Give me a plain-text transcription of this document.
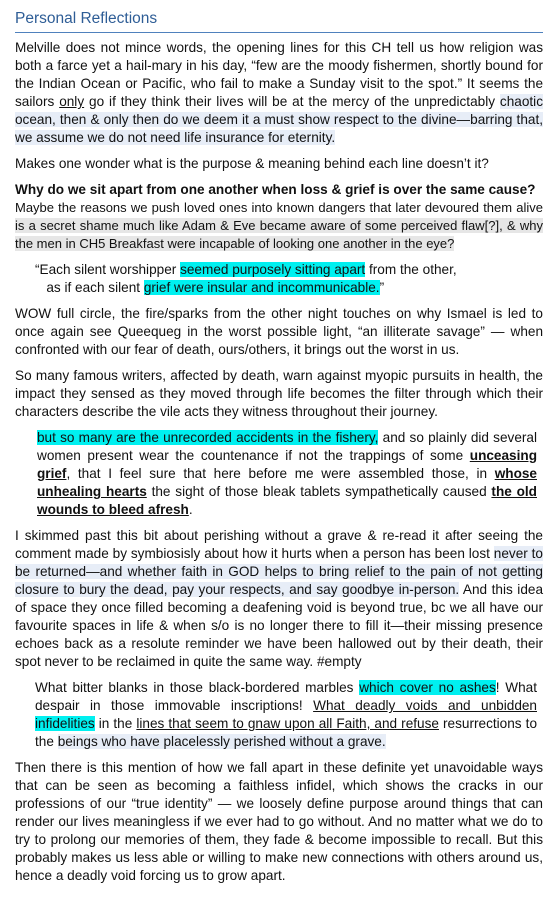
Personal Reflections

Melville does not mince words, the opening lines for this CH tell us how religion was both a farce yet a hail-mary in his day, “few are the moody fishermen, shortly bound for the Indian Ocean or Pacific, who fail to make a Sunday visit to the spot.” It seems the sailors only go if they think their lives will be at the mercy of the unpredictably chaotic ocean, then & only then do we deem it a must show respect to the divine—barring that, we assume we do not need life insurance for eternity.

Makes one wonder what is the purpose & meaning behind each line doesn’t it?

Why do we sit apart from one another when loss & grief is over the same cause?

Maybe the reasons we push loved ones into known dangers that later devoured them alive is a secret shame much like Adam & Eve became aware of some perceived flaw[?], & why the men in CH5 Breakfast were incapable of looking one another in the eye?

“Each silent worshipper seemed purposely sitting apart from the other,
as if each silent grief were insular and incommunicable.”

WOW full circle, the fire/sparks from the other night touches on why Ismael is led to once again see Queequeg in the worst possible light, “an illiterate savage” — when confronted with our fear of death, ours/others, it brings out the worst in us.

So many famous writers, affected by death, warn against myopic pursuits in health, the impact they sensed as they moved through life becomes the filter through which their characters describe the vile acts they witness throughout their journey.

but so many are the unrecorded accidents in the fishery, and so plainly did several women present wear the countenance if not the trappings of some unceasing grief, that I feel sure that here before me were assembled those, in whose unhealing hearts the sight of those bleak tablets sympathetically caused the old wounds to bleed afresh.

I skimmed past this bit about perishing without a grave & re-read it after seeing the comment made by symbiosisly about how it hurts when a person has been lost never to be returned—and whether faith in GOD helps to bring relief to the pain of not getting closure to bury the dead, pay your respects, and say goodbye in-person. And this idea of space they once filled becoming a deafening void is beyond true, bc we all have our favourite spaces in life & when s/o is no longer there to fill it—their missing presence echoes back as a resolute reminder we have been hallowed out by their death, their spot never to be reclaimed in quite the same way. #empty

What bitter blanks in those black-bordered marbles which cover no ashes! What despair in those immovable inscriptions! What deadly voids and unbidden infidelities in the lines that seem to gnaw upon all Faith, and refuse resurrections to the beings who have placelessly perished without a grave.

Then there is this mention of how we fall apart in these definite yet unavoidable ways that can be seen as becoming a faithless infidel, which shows the cracks in our professions of our “true identity” — we loosely define purpose around things that can render our lives meaningless if we ever had to go without. And no matter what we do to try to prolong our memories of them, they fade & become impossible to recall. But this probably makes us less able or willing to make new connections with others around us, hence a deadly void forcing us to grow apart.
